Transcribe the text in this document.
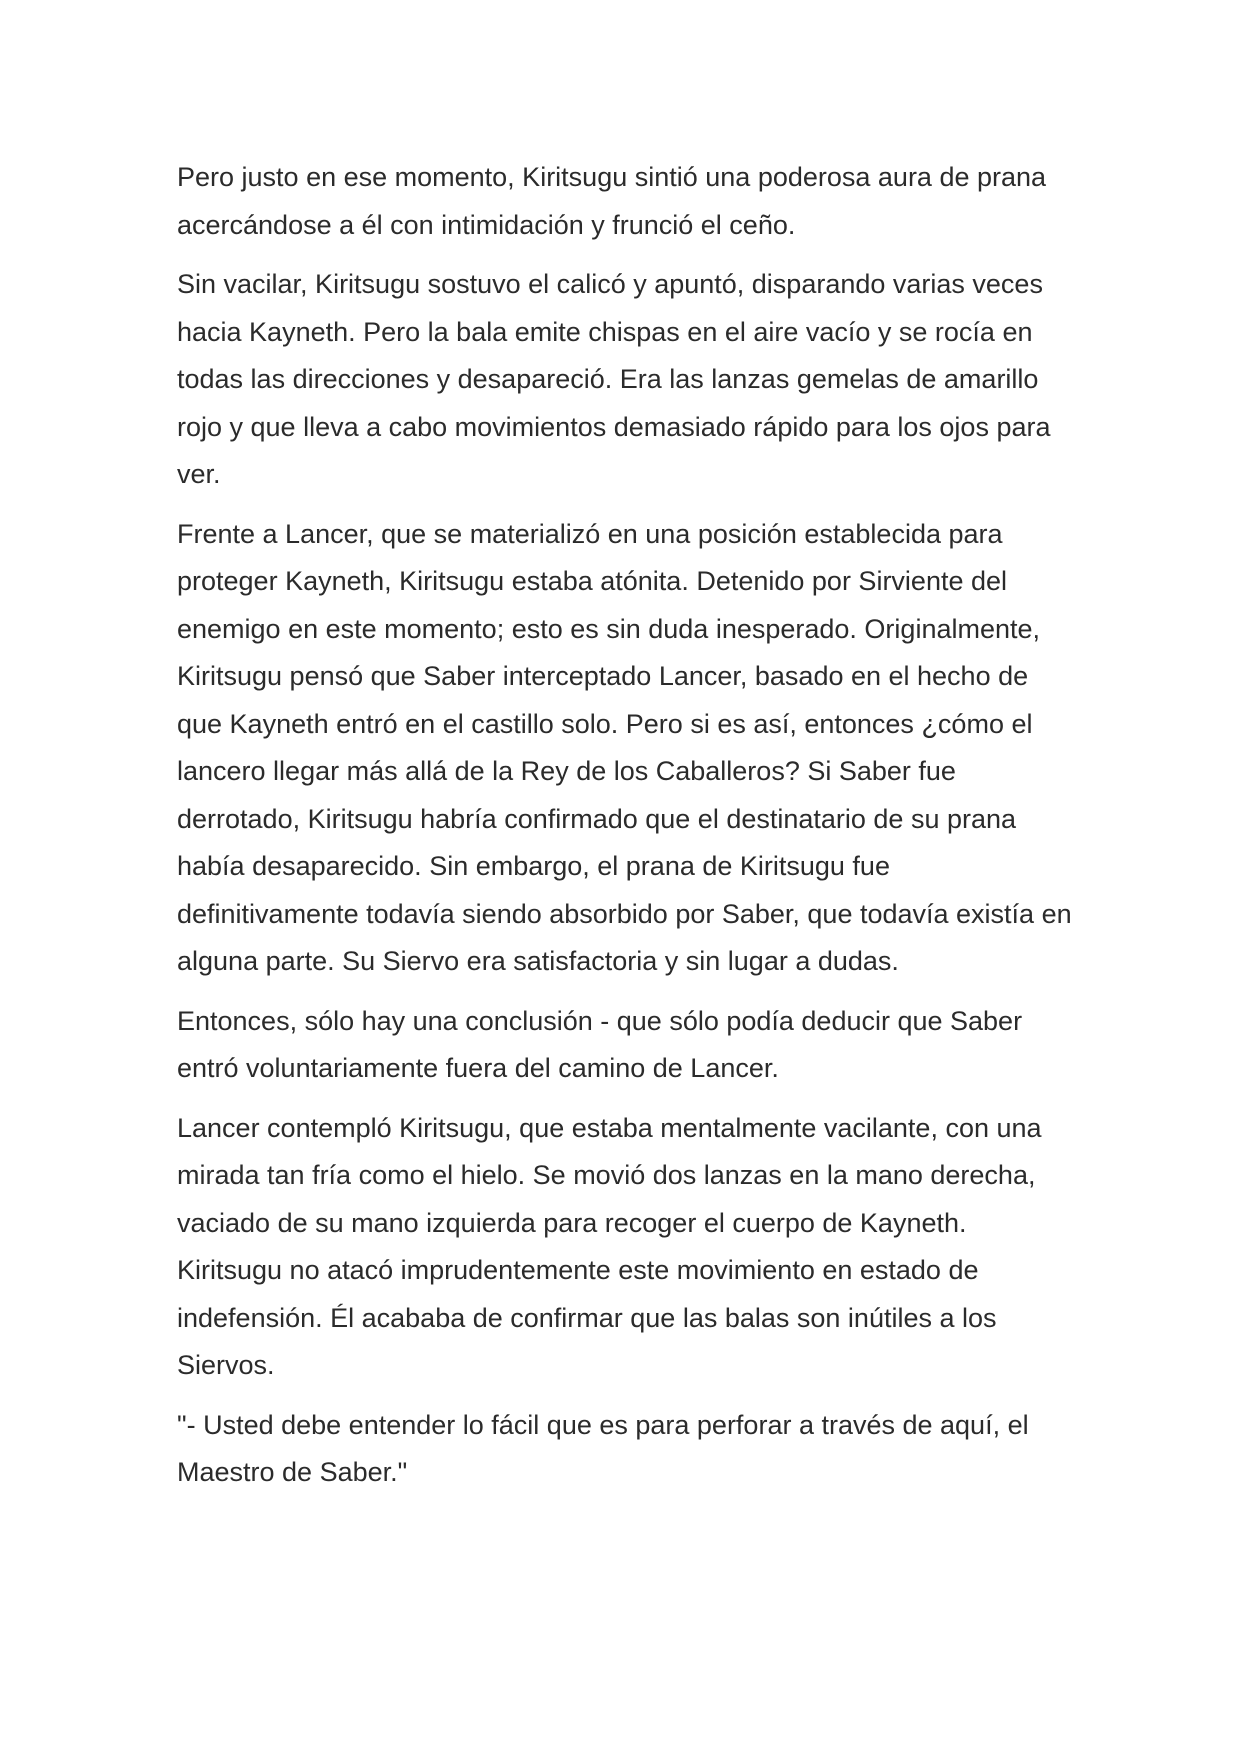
Pero justo en ese momento, Kiritsugu sintió una poderosa aura de prana acercándose a él con intimidación y frunció el ceño.

Sin vacilar, Kiritsugu sostuvo el calicó y apuntó, disparando varias veces hacia Kayneth. Pero la bala emite chispas en el aire vacío y se rocía en todas las direcciones y desapareció. Era las lanzas gemelas de amarillo rojo y que lleva a cabo movimientos demasiado rápido para los ojos para ver.

Frente a Lancer, que se materializó en una posición establecida para proteger Kayneth, Kiritsugu estaba atónita. Detenido por Sirviente del enemigo en este momento; esto es sin duda inesperado. Originalmente, Kiritsugu pensó que Saber interceptado Lancer, basado en el hecho de que Kayneth entró en el castillo solo. Pero si es así, entonces ¿cómo el lancero llegar más allá de la Rey de los Caballeros? Si Saber fue derrotado, Kiritsugu habría confirmado que el destinatario de su prana había desaparecido. Sin embargo, el prana de Kiritsugu fue definitivamente todavía siendo absorbido por Saber, que todavía existía en alguna parte. Su Siervo era satisfactoria y sin lugar a dudas.

Entonces, sólo hay una conclusión - que sólo podía deducir que Saber entró voluntariamente fuera del camino de Lancer.

Lancer contempló Kiritsugu, que estaba mentalmente vacilante, con una mirada tan fría como el hielo. Se movió dos lanzas en la mano derecha, vaciado de su mano izquierda para recoger el cuerpo de Kayneth. Kiritsugu no atacó imprudentemente este movimiento en estado de indefensión. Él acababa de confirmar que las balas son inútiles a los Siervos.

"- Usted debe entender lo fácil que es para perforar a través de aquí, el Maestro de Saber."
